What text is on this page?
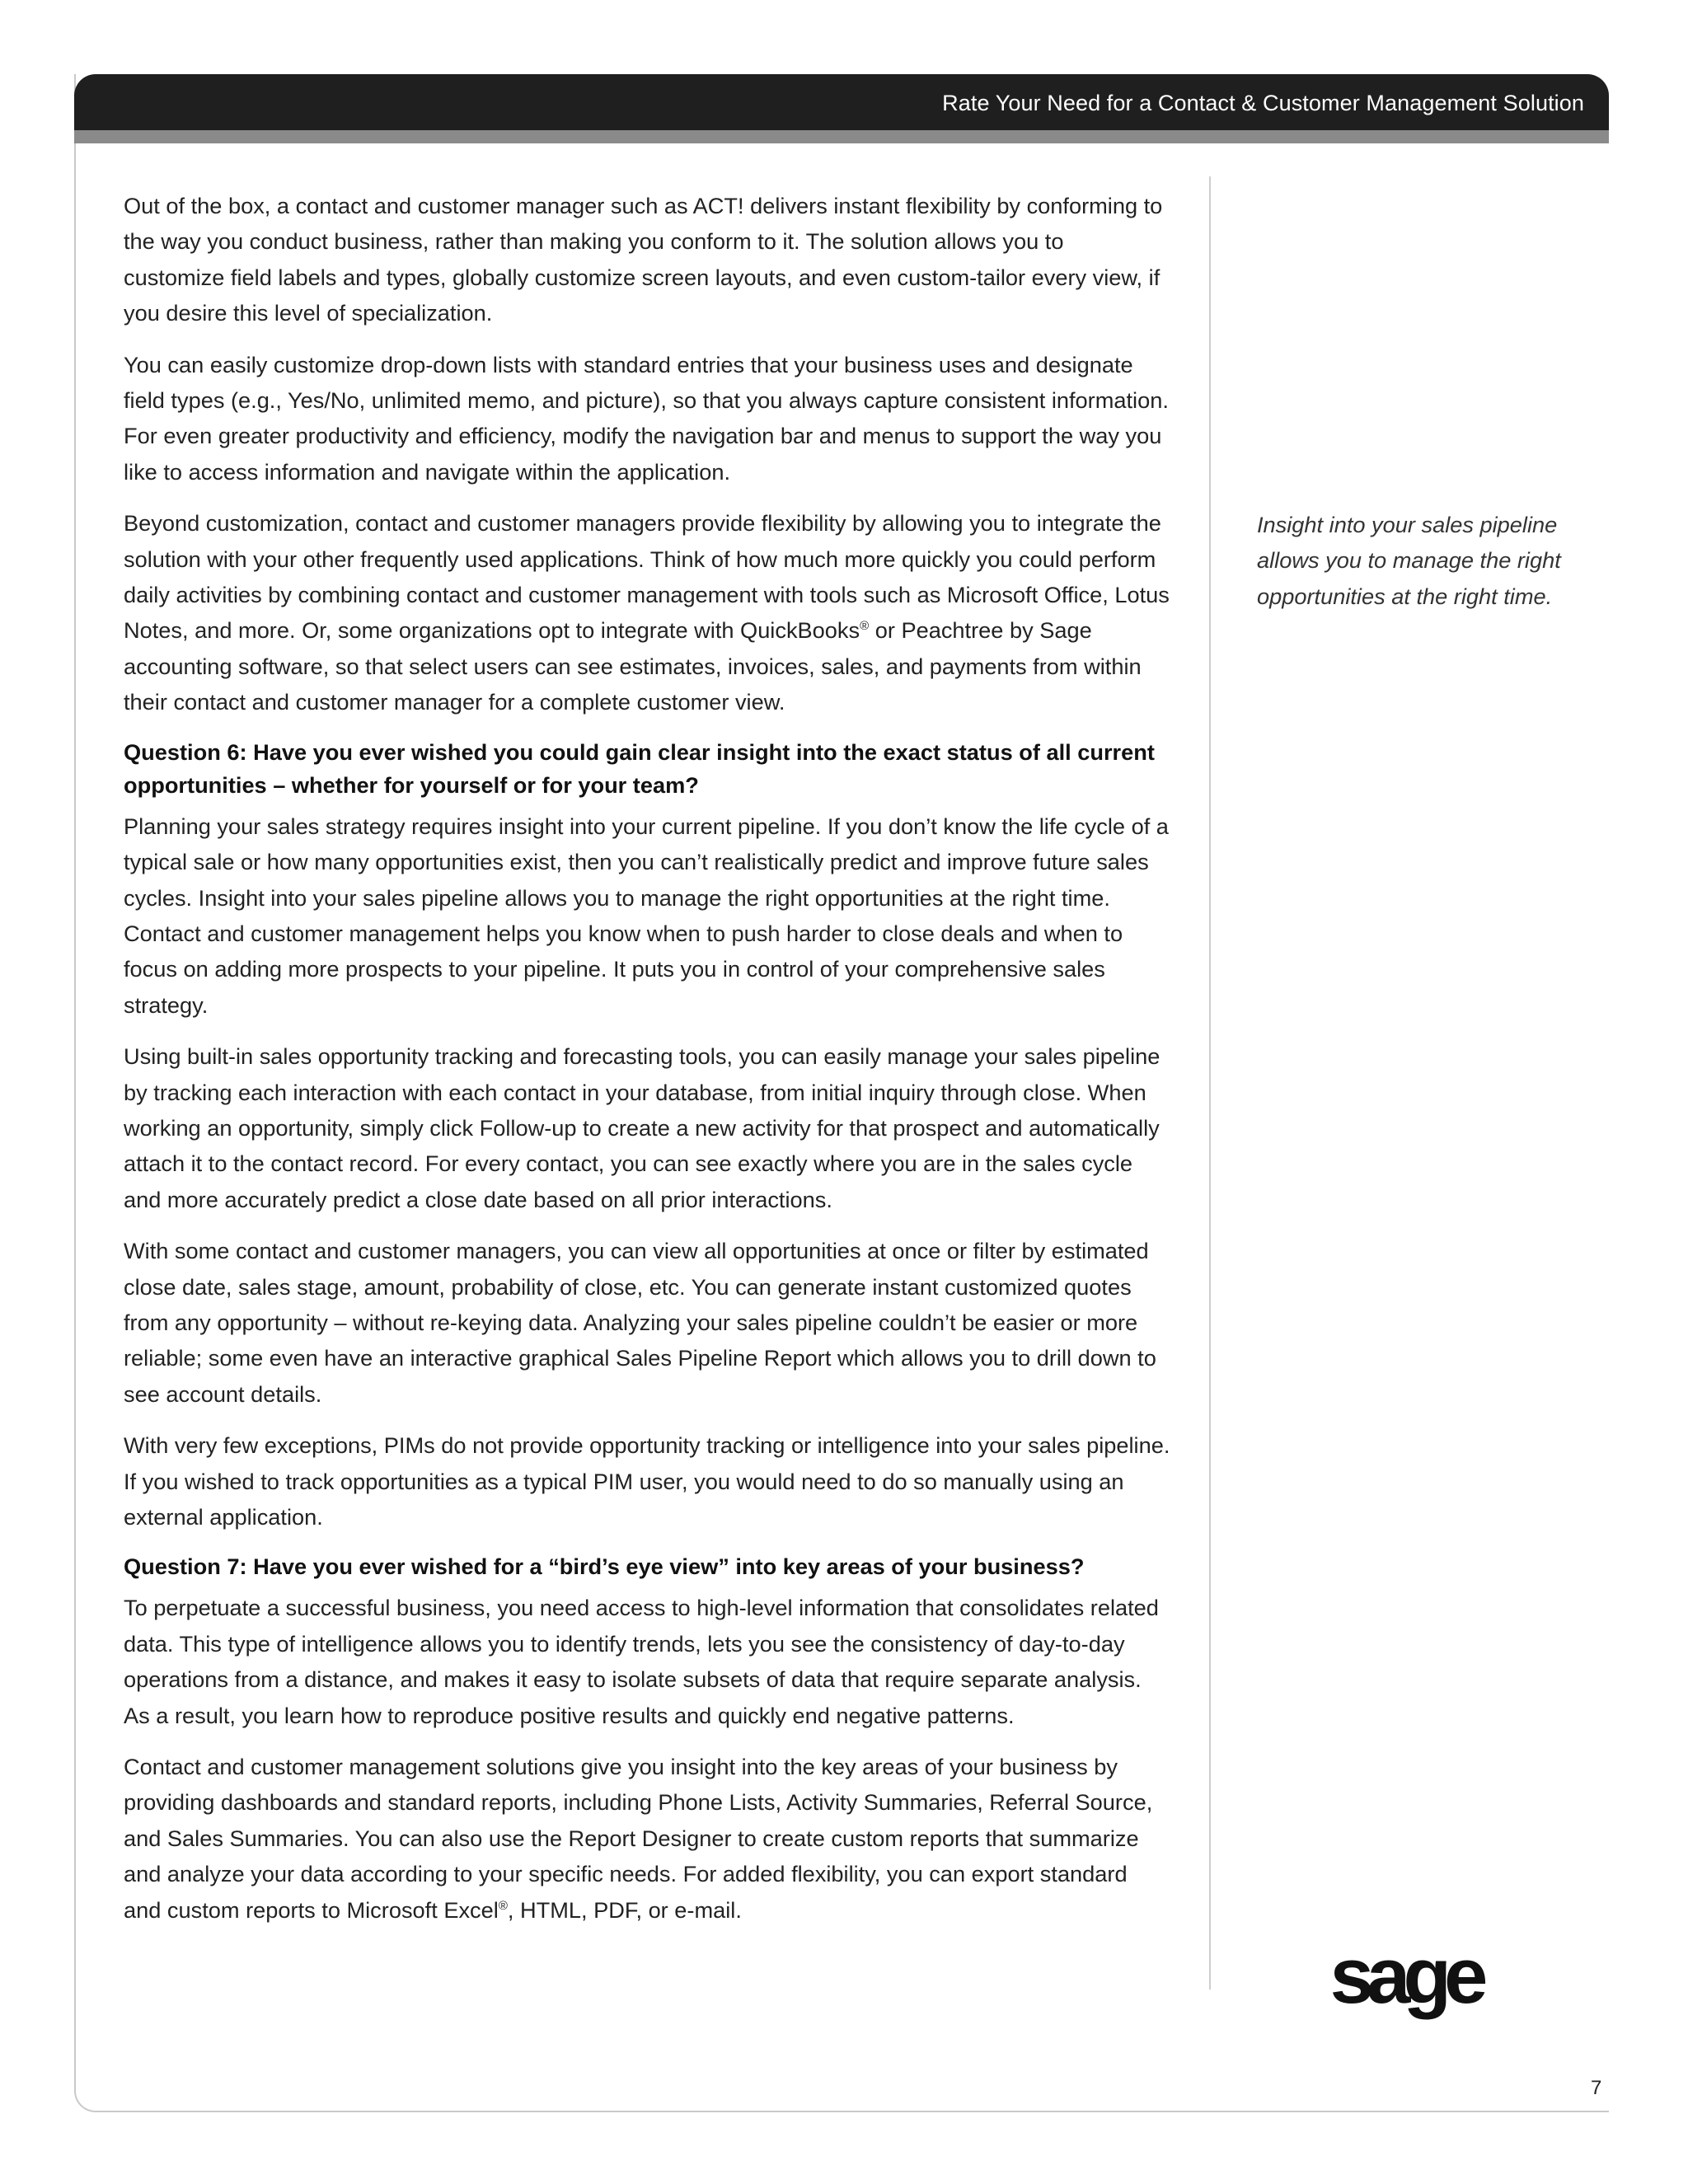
Rate Your Need for a Contact & Customer Management Solution

Out of the box, a contact and customer manager such as ACT! delivers instant flexibility by conforming to the way you conduct business, rather than making you conform to it. The solution allows you to customize field labels and types, globally customize screen layouts, and even custom-tailor every view, if you desire this level of specialization.

You can easily customize drop-down lists with standard entries that your business uses and designate field types (e.g., Yes/No, unlimited memo, and picture), so that you always capture consistent information. For even greater productivity and efficiency, modify the navigation bar and menus to support the way you like to access information and navigate within the application.

Beyond customization, contact and customer managers provide flexibility by allowing you to integrate the solution with your other frequently used applications. Think of how much more quickly you could perform daily activities by combining contact and customer management with tools such as Microsoft Office, Lotus Notes, and more. Or, some organizations opt to integrate with QuickBooks® or Peachtree by Sage accounting software, so that select users can see estimates, invoices, sales, and payments from within their contact and customer manager for a complete customer view.

Question 6: Have you ever wished you could gain clear insight into the exact status of all current opportunities – whether for yourself or for your team?

Planning your sales strategy requires insight into your current pipeline. If you don’t know the life cycle of a typical sale or how many opportunities exist, then you can’t realistically predict and improve future sales cycles. Insight into your sales pipeline allows you to manage the right opportunities at the right time. Contact and customer management helps you know when to push harder to close deals and when to focus on adding more prospects to your pipeline. It puts you in control of your comprehensive sales strategy.

Using built-in sales opportunity tracking and forecasting tools, you can easily manage your sales pipeline by tracking each interaction with each contact in your database, from initial inquiry through close. When working an opportunity, simply click Follow-up to create a new activity for that prospect and automatically attach it to the contact record. For every contact, you can see exactly where you are in the sales cycle and more accurately predict a close date based on all prior interactions.

With some contact and customer managers, you can view all opportunities at once or filter by estimated close date, sales stage, amount, probability of close, etc. You can generate instant customized quotes from any opportunity – without re-keying data. Analyzing your sales pipeline couldn’t be easier or more reliable; some even have an interactive graphical Sales Pipeline Report which allows you to drill down to see account details.

With very few exceptions, PIMs do not provide opportunity tracking or intelligence into your sales pipeline. If you wished to track opportunities as a typical PIM user, you would need to do so manually using an external application.

Question 7: Have you ever wished for a “bird’s eye view” into key areas of your business?

To perpetuate a successful business, you need access to high-level information that consolidates related data. This type of intelligence allows you to identify trends, lets you see the consistency of day-to-day operations from a distance, and makes it easy to isolate subsets of data that require separate analysis. As a result, you learn how to reproduce positive results and quickly end negative patterns.

Contact and customer management solutions give you insight into the key areas of your business by providing dashboards and standard reports, including Phone Lists, Activity Summaries, Referral Source, and Sales Summaries. You can also use the Report Designer to create custom reports that summarize and analyze your data according to your specific needs. For added flexibility, you can export standard and custom reports to Microsoft Excel®, HTML, PDF, or e-mail.

Insight into your sales pipeline allows you to manage the right opportunities at the right time.
sage
7
